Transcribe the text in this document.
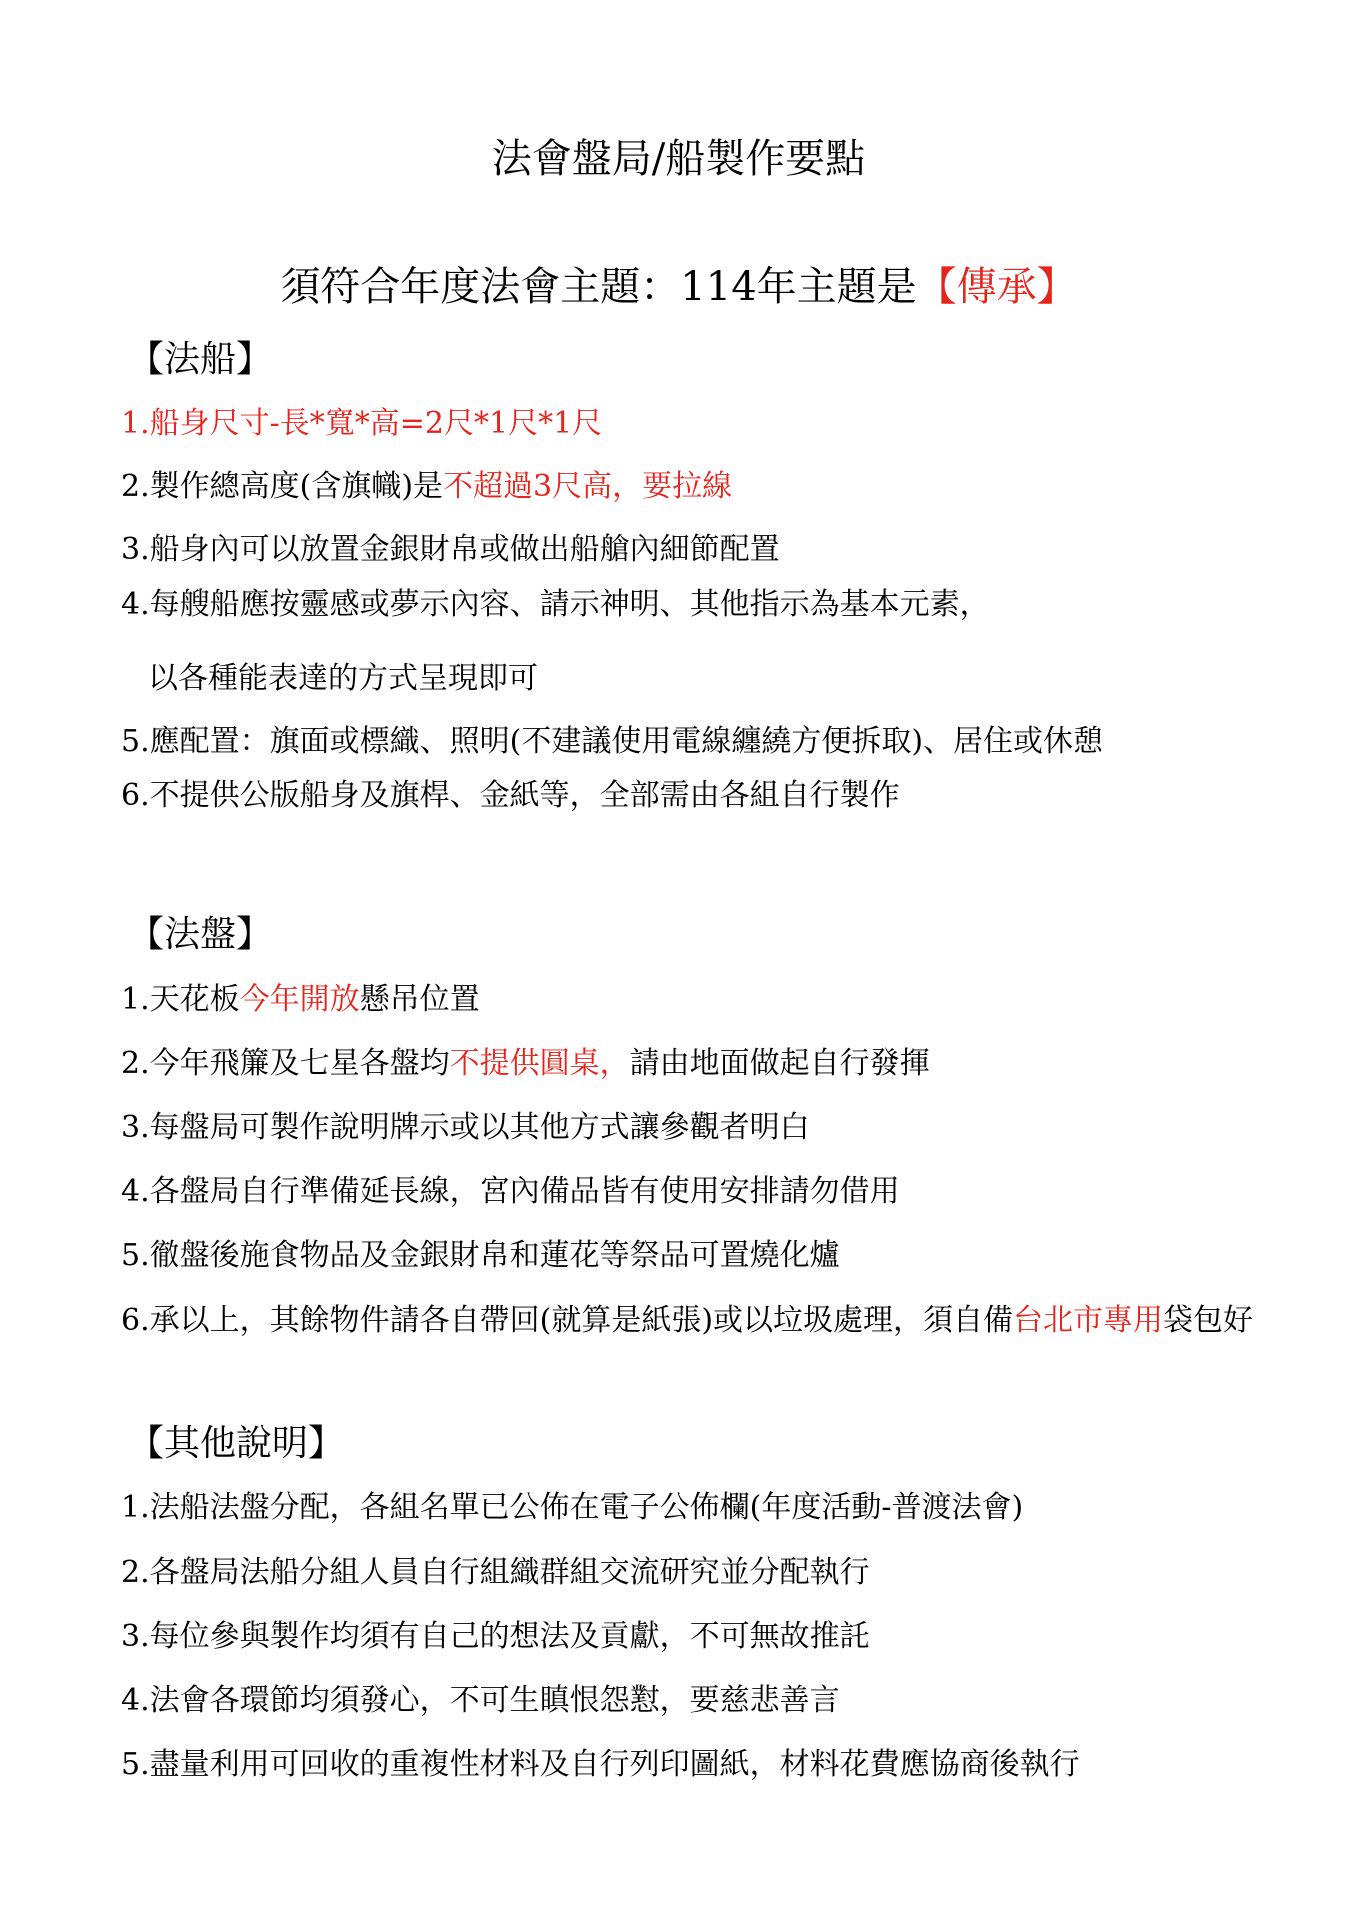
法會盤局/船製作要點
須符合年度法會主題：114年主題是【傳承】
【法船】
1.船身尺寸-長*寬*高=2尺*1尺*1尺
2.製作總高度(含旗幟)是不超過3尺高，要拉線
3.船身內可以放置金銀財帛或做出船艙內細節配置
4.每艘船應按靈感或夢示內容、請示神明、其他指示為基本元素，
以各種能表達的方式呈現即可
5.應配置：旗面或標織、照明(不建議使用電線纏繞方便拆取)、居住或休憩
6.不提供公版船身及旗桿、金紙等，全部需由各組自行製作
【法盤】
1.天花板今年開放懸吊位置
2.今年飛簾及七星各盤均不提供圓桌，請由地面做起自行發揮
3.每盤局可製作說明牌示或以其他方式讓參觀者明白
4.各盤局自行準備延長線，宮內備品皆有使用安排請勿借用
5.徹盤後施食物品及金銀財帛和蓮花等祭品可置燒化爐
6.承以上，其餘物件請各自帶回(就算是紙張)或以垃圾處理，須自備台北市專用袋包好
【其他說明】
1.法船法盤分配，各組名單已公佈在電子公佈欄(年度活動-普渡法會)
2.各盤局法船分組人員自行組織群組交流研究並分配執行
3.每位參與製作均須有自己的想法及貢獻，不可無故推託
4.法會各環節均須發心，不可生瞋恨怨懟，要慈悲善言
5.盡量利用可回收的重複性材料及自行列印圖紙，材料花費應協商後執行
